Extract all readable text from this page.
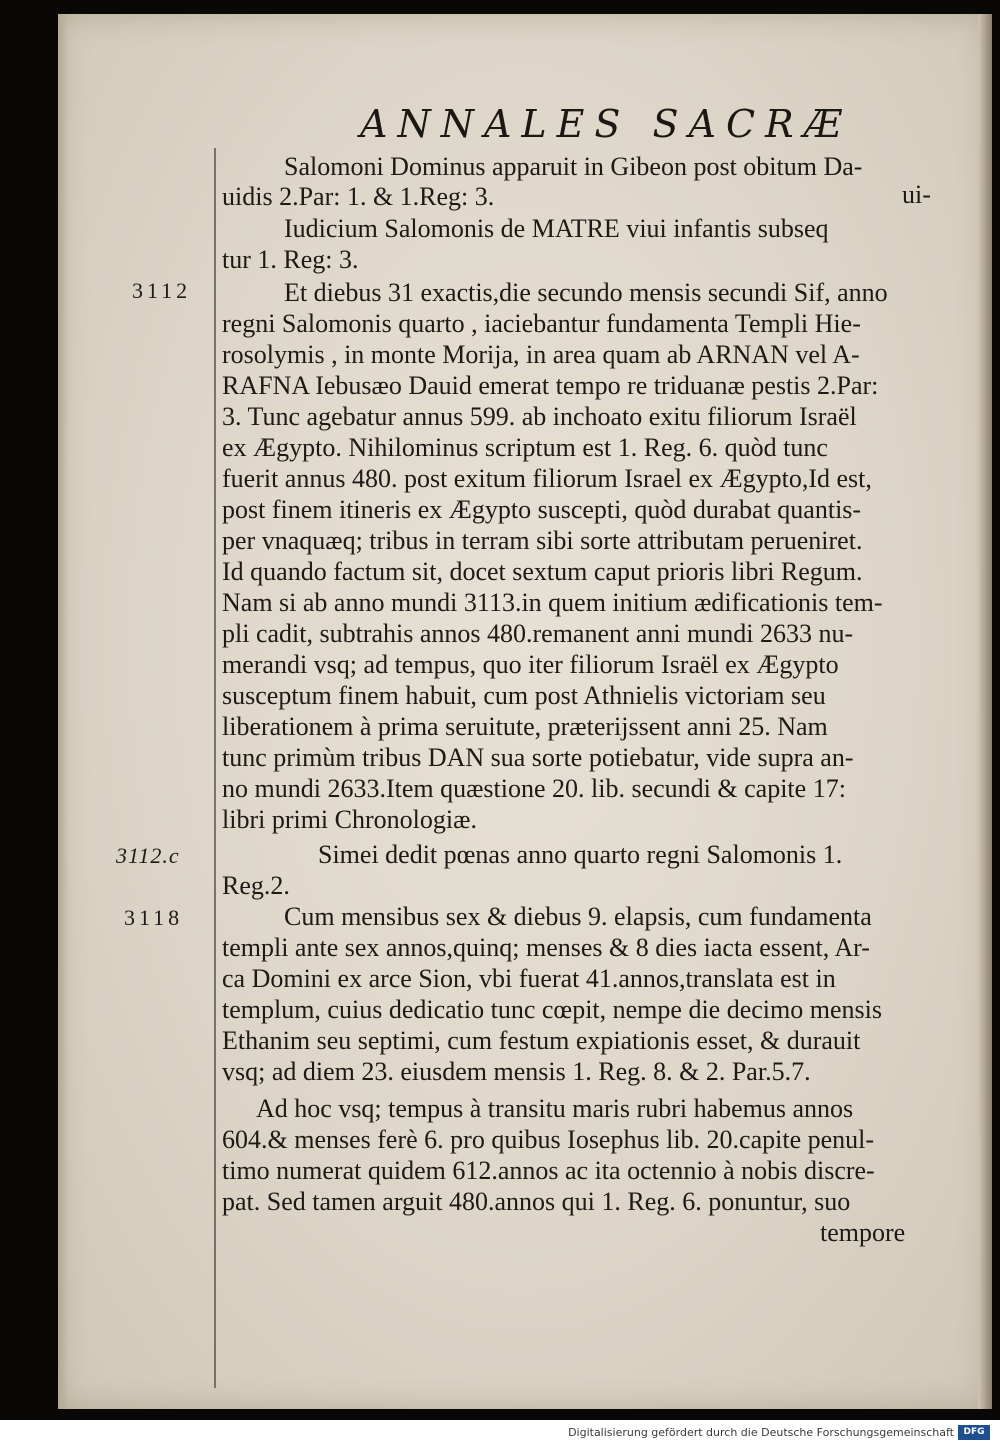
ANNALES SACRÆ
3112
3112.c
3118
ui-
Salomoni Dominus apparuit in Gibeon post obitum Da-
uidis 2.Par: 1. & 1.Reg: 3.
Iudicium Salomonis de MATRE viui infantis subseq
tur 1. Reg: 3.
Et diebus 31 exactis,die secundo mensis secundi Sif, anno
regni Salomonis quarto , iaciebantur fundamenta Templi Hie-
rosolymis , in monte Morija, in area quam ab ARNAN vel A-
RAFNA Iebusæo Dauid emerat tempo re triduanæ pestis 2.Par:
3. Tunc agebatur annus 599. ab inchoato exitu filiorum Israël
ex Ægypto. Nihilominus scriptum est 1. Reg. 6. quòd tunc
fuerit annus 480. post exitum filiorum Israel ex Ægypto,Id est,
post finem itineris ex Ægypto suscepti, quòd durabat quantis-
per vnaquæq; tribus in terram sibi sorte attributam perueniret.
Id quando factum sit, docet sextum caput prioris libri Regum.
Nam si ab anno mundi 3113.in quem initium ædificationis tem-
pli cadit, subtrahis annos 480.remanent anni mundi 2633 nu-
merandi vsq; ad tempus, quo iter filiorum Israël ex Ægypto
susceptum finem habuit, cum post Athnielis victoriam seu
liberationem à prima seruitute, præterijssent anni 25. Nam
tunc primùm tribus DAN sua sorte potiebatur, vide supra an-
no mundi 2633.Item quæstione 20. lib. secundi & capite 17:
libri primi Chronologiæ.
Simei dedit pœnas anno quarto regni Salomonis 1.
Reg.2.
Cum mensibus sex & diebus 9. elapsis, cum fundamenta
templi ante sex annos,quinq; menses & 8 dies iacta essent, Ar-
ca Domini ex arce Sion, vbi fuerat 41.annos,translata est in
templum, cuius dedicatio tunc cœpit, nempe die decimo mensis
Ethanim seu septimi, cum festum expiationis esset, & durauit
vsq; ad diem 23. eiusdem mensis 1. Reg. 8. & 2. Par.5.7.
Ad hoc vsq; tempus à transitu maris rubri habemus annos
604.& menses ferè 6. pro quibus Iosephus lib. 20.capite penul-
timo numerat quidem 612.annos ac ita octennio à nobis discre-
pat. Sed tamen arguit 480.annos qui 1. Reg. 6. ponuntur, suo
tempore
Digitalisierung gefördert durch die Deutsche Forschungsgemeinschaft	DFG
